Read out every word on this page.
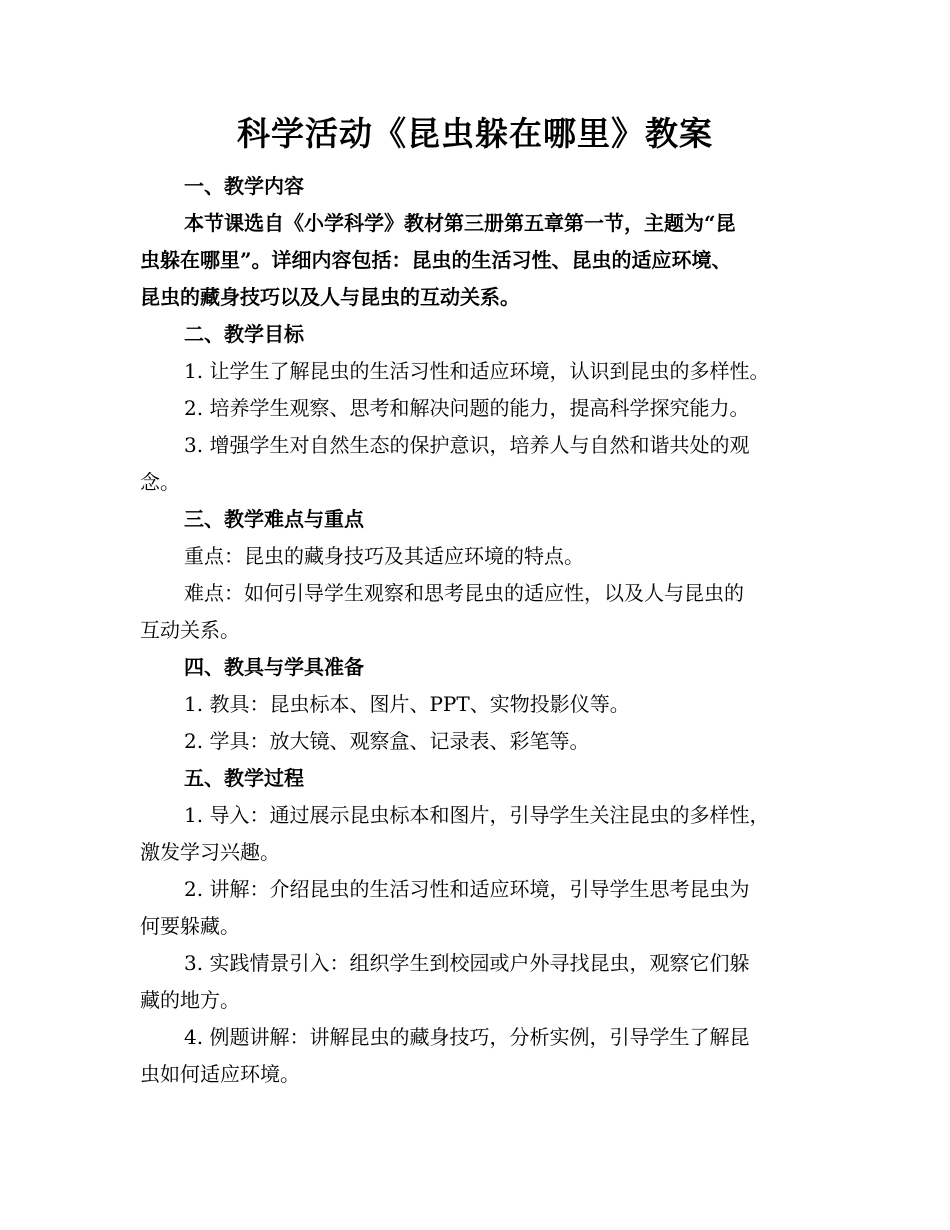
科学活动《昆虫躲在哪里》教案
一、教学内容
本节课选自《小学科学》教材第三册第五章第一节，主题为“昆
虫躲在哪里”。详细内容包括：昆虫的生活习性、昆虫的适应环境、
昆虫的藏身技巧以及人与昆虫的互动关系。
二、教学目标
1. 让学生了解昆虫的生活习性和适应环境，认识到昆虫的多样性。
2. 培养学生观察、思考和解决问题的能力，提高科学探究能力。
3. 增强学生对自然生态的保护意识，培养人与自然和谐共处的观
念。
三、教学难点与重点
重点：昆虫的藏身技巧及其适应环境的特点。
难点：如何引导学生观察和思考昆虫的适应性，以及人与昆虫的
互动关系。
四、教具与学具准备
1. 教具：昆虫标本、图片、PPT、实物投影仪等。
2. 学具：放大镜、观察盒、记录表、彩笔等。
五、教学过程
1. 导入：通过展示昆虫标本和图片，引导学生关注昆虫的多样性，
激发学习兴趣。
2. 讲解：介绍昆虫的生活习性和适应环境，引导学生思考昆虫为
何要躲藏。
3. 实践情景引入：组织学生到校园或户外寻找昆虫，观察它们躲
藏的地方。
4. 例题讲解：讲解昆虫的藏身技巧，分析实例，引导学生了解昆
虫如何适应环境。
